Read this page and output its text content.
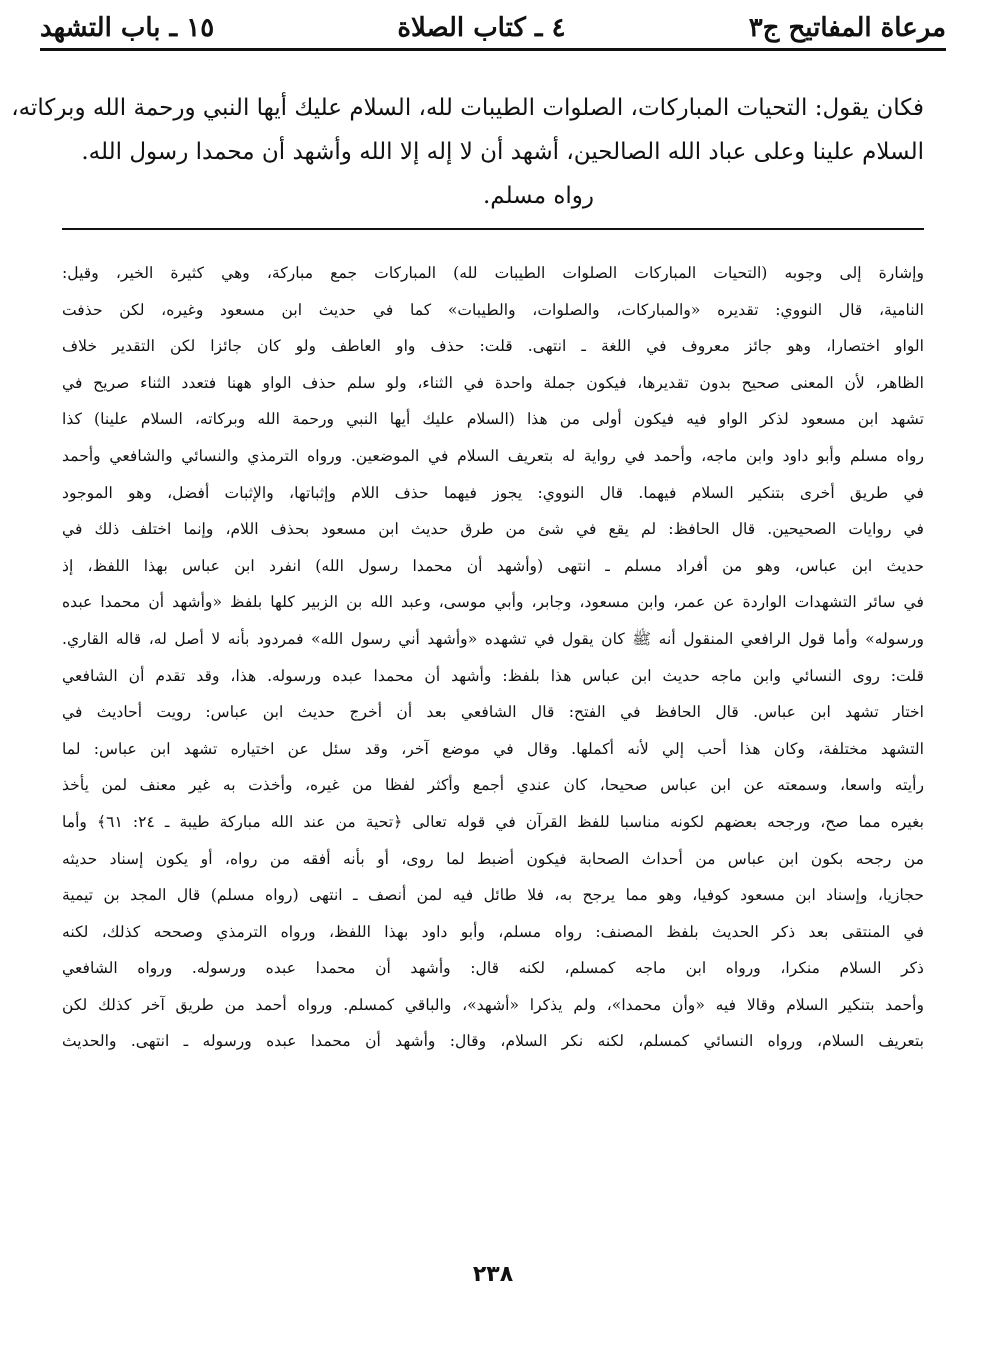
مرعاة المفاتيح ج٣
٤ ـ كتاب الصلاة
١٥ ـ باب التشهد

فكان يقول: التحيات المباركات، الصلوات الطيبات لله، السلام عليك أيها النبي ورحمة الله وبركاته،

السلام علينا وعلى عباد الله الصالحين، أشهد أن لا إله إلا الله وأشهد أن محمدا رسول الله.

رواه مسلم.

وإشارة إلى وجوبه (التحيات المباركات الصلوات الطيبات لله) المباركات جمع مباركة، وهي كثيرة الخير، وقيل:

النامية، قال النووي: تقديره «والمباركات، والصلوات، والطيبات» كما في حديث ابن مسعود وغيره، لكن حذفت

الواو اختصارا، وهو جائز معروف في اللغة ـ انتهى. قلت: حذف واو العاطف ولو كان جائزا لكن التقدير خلاف

الظاهر، لأن المعنى صحيح بدون تقديرها، فيكون جملة واحدة في الثناء، ولو سلم حذف الواو ههنا فتعدد الثناء صريح في

تشهد ابن مسعود لذكر الواو فيه فيكون أولى من هذا (السلام عليك أيها النبي ورحمة الله وبركاته، السلام علينا) كذا

رواه مسلم وأبو داود وابن ماجه، وأحمد في رواية له بتعريف السلام في الموضعين. ورواه الترمذي والنسائي والشافعي وأحمد

في طريق أخرى بتنكير السلام فيهما. قال النووي: يجوز فيهما حذف اللام وإثباتها، والإثبات أفضل، وهو الموجود

في روايات الصحيحين. قال الحافظ: لم يقع في شئ من طرق حديث ابن مسعود بحذف اللام، وإنما اختلف ذلك في

حديث ابن عباس، وهو من أفراد مسلم ـ انتهى (وأشهد أن محمدا رسول الله) انفرد ابن عباس بهذا اللفظ، إذ

في سائر التشهدات الواردة عن عمر، وابن مسعود، وجابر، وأبي موسى، وعبد الله بن الزبير كلها بلفظ «وأشهد أن محمدا عبده

ورسوله» وأما قول الرافعي المنقول أنه ﷺ كان يقول في تشهده «وأشهد أني رسول الله» فمردود بأنه لا أصل له، قاله القاري.

قلت: روى النسائي وابن ماجه حديث ابن عباس هذا بلفظ: وأشهد أن محمدا عبده ورسوله. هذا، وقد تقدم أن الشافعي

اختار تشهد ابن عباس. قال الحافظ في الفتح: قال الشافعي بعد أن أخرج حديث ابن عباس: رويت أحاديث في

التشهد مختلفة، وكان هذا أحب إلي لأنه أكملها. وقال في موضع آخر، وقد سئل عن اختياره تشهد ابن عباس: لما

رأيته واسعا، وسمعته عن ابن عباس صحيحا، كان عندي أجمع وأكثر لفظا من غيره، وأخذت به غير معنف لمن يأخذ

بغيره مما صح، ورجحه بعضهم لكونه مناسبا للفظ القرآن في قوله تعالى ﴿تحية من عند الله مباركة طيبة ـ ٢٤: ٦١﴾ وأما

من رجحه بكون ابن عباس من أحداث الصحابة فيكون أضبط لما روى، أو بأنه أفقه من رواه، أو يكون إسناد حديثه

حجازيا، وإسناد ابن مسعود كوفيا، وهو مما يرجح به، فلا طائل فيه لمن أنصف ـ انتهى (رواه مسلم) قال المجد بن تيمية

في المنتقى بعد ذكر الحديث بلفظ المصنف: رواه مسلم، وأبو داود بهذا اللفظ، ورواه الترمذي وصححه كذلك، لكنه

ذكر السلام منكرا، ورواه ابن ماجه كمسلم، لكنه قال: وأشهد أن محمدا عبده ورسوله. ورواه الشافعي

وأحمد بتنكير السلام وقالا فيه «وأن محمدا»، ولم يذكرا «أشهد»، والباقي كمسلم. ورواه أحمد من طريق آخر كذلك لكن

بتعريف السلام، ورواه النسائي كمسلم، لكنه نكر السلام، وقال: وأشهد أن محمدا عبده ورسوله ـ انتهى. والحديث

٢٣٨
